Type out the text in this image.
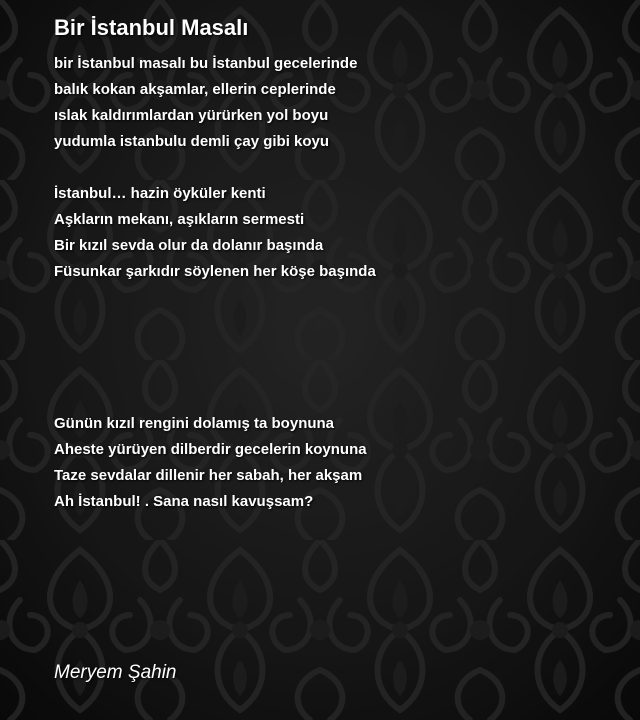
Bir İstanbul Masalı
bir İstanbul masalı bu İstanbul gecelerinde
balık kokan akşamlar, ellerin ceplerinde
ıslak kaldırımlardan yürürken yol boyu
yudumla istanbulu demli çay gibi koyu
İstanbul… hazin öyküler kenti
Aşkların mekanı, aşıkların sermesti
Bir kızıl sevda olur da dolanır başında
Füsunkar şarkıdır söylenen her köşe başında
Günün kızıl rengini dolamış ta boynuna
Aheste yürüyen dilberdir gecelerin koynuna
Taze sevdalar dillenir her sabah, her akşam
Ah İstanbul! . Sana nasıl kavuşsam?
Meryem Şahin
